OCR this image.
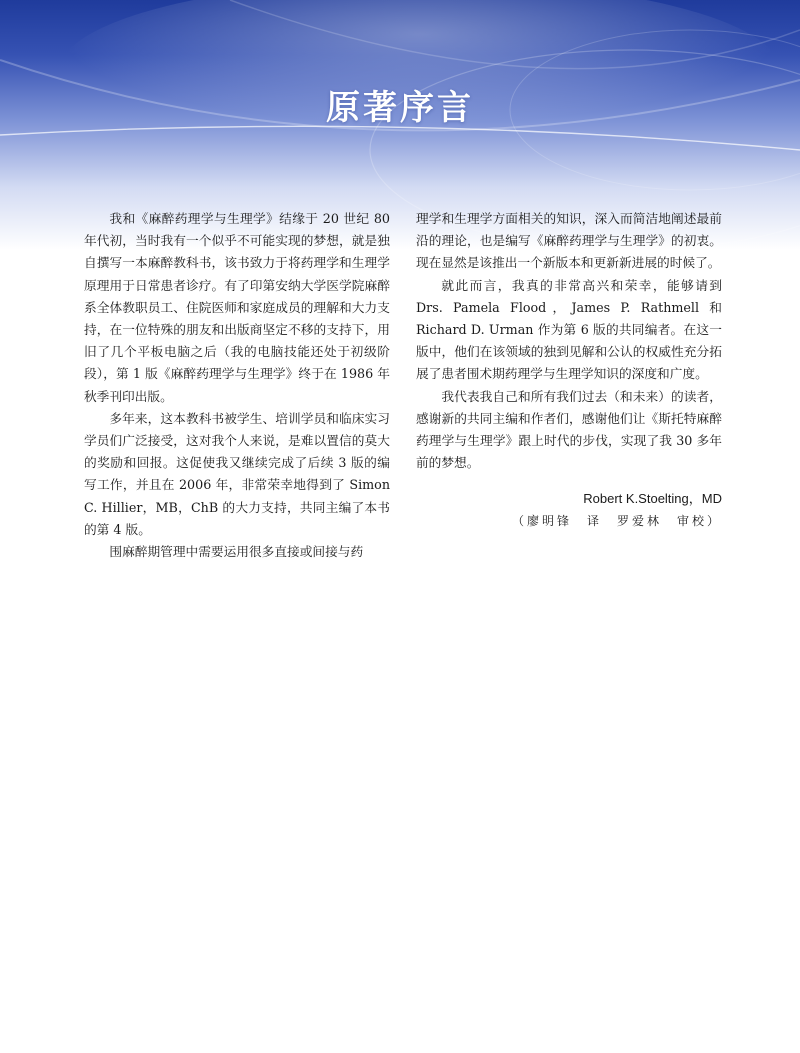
原著序言

我和《麻醉药理学与生理学》结缘于 20 世纪 80 年代初，当时我有一个似乎不可能实现的梦想，就是独自撰写一本麻醉教科书，该书致力于将药理学和生理学原理用于日常患者诊疗。有了印第安纳大学医学院麻醉系全体教职员工、住院医师和家庭成员的理解和大力支持，在一位特殊的朋友和出版商坚定不移的支持下，用旧了几个平板电脑之后（我的电脑技能还处于初级阶段），第 1 版《麻醉药理学与生理学》终于在 1986 年秋季刊印出版。

多年来，这本教科书被学生、培训学员和临床实习学员们广泛接受，这对我个人来说，是难以置信的莫大的奖励和回报。这促使我又继续完成了后续 3 版的编写工作，并且在 2006 年，非常荣幸地得到了 Simon C. Hillier，MB，ChB 的大力支持，共同主编了本书的第 4 版。

围麻醉期管理中需要运用很多直接或间接与药

理学和生理学方面相关的知识，深入而简洁地阐述最前沿的理论，也是编写《麻醉药理学与生理学》的初衷。现在显然是该推出一个新版本和更新新进展的时候了。

就此而言，我真的非常高兴和荣幸，能够请到 Drs. Pamela Flood，James P. Rathmell 和 Richard D. Urman 作为第 6 版的共同编者。在这一版中，他们在该领域的独到见解和公认的权威性充分拓展了患者围术期药理学与生理学知识的深度和广度。

我代表我自己和所有我们过去（和未来）的读者，感谢新的共同主编和作者们，感谢他们让《斯托特麻醉药理学与生理学》跟上时代的步伐，实现了我 30 多年前的梦想。

Robert K.Stoelting，MD
（廖明锋　译　罗爱林　审校）
